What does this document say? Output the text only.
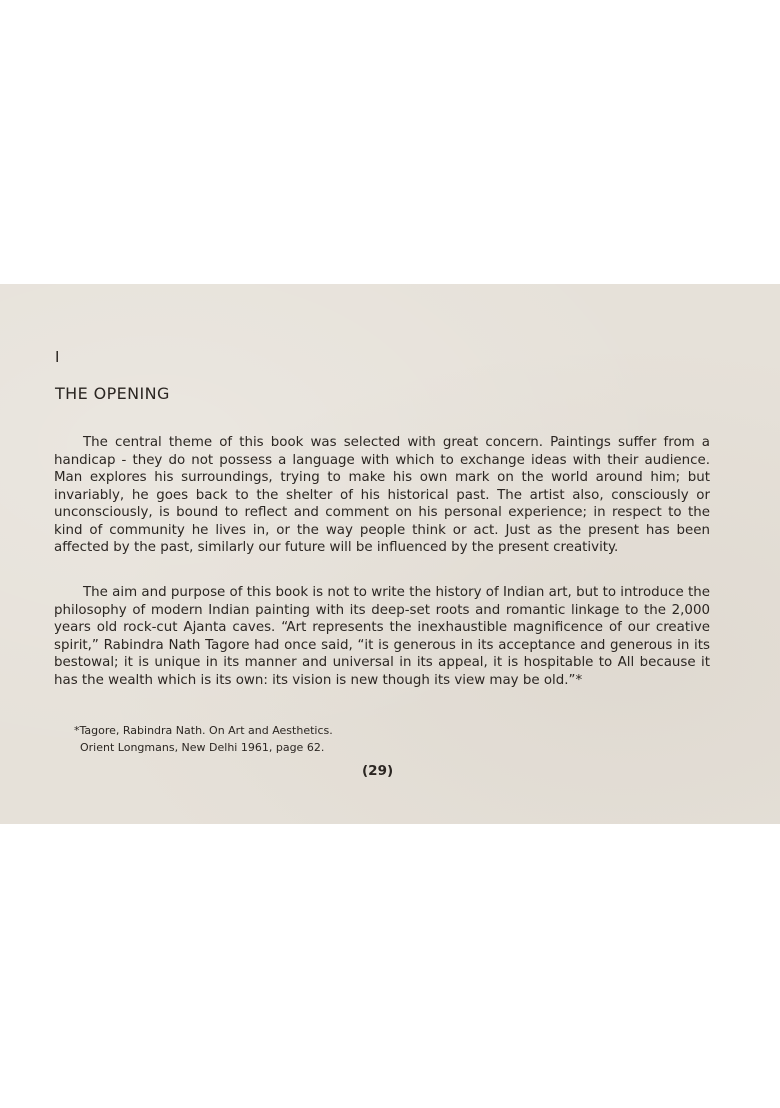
I

THE OPENING

The central theme of this book was selected with great concern. Paintings suffer from a handicap - they do not possess a language with which to exchange ideas with their audience. Man explores his surroundings, trying to make his own mark on the world around him; but invariably, he goes back to the shelter of his historical past. The artist also, consciously or unconsciously, is bound to reflect and comment on his personal experience; in respect to the kind of community he lives in, or the way people think or act. Just as the present has been affected by the past, similarly our future will be influenced by the present creativity.

The aim and purpose of this book is not to write the history of Indian art, but to introduce the philosophy of modern Indian painting with its deep-set roots and romantic linkage to the 2,000 years old rock-cut Ajanta caves. “Art represents the inexhaustible magnificence of our creative spirit,” Rabindra Nath Tagore had once said, “it is generous in its acceptance and generous in its bestowal; it is unique in its manner and universal in its appeal, it is hospitable to All because it has the wealth which is its own: its vision is new though its view may be old.”*

*Tagore, Rabindra Nath. On Art and Aesthetics.
Orient Longmans, New Delhi 1961, page 62.

(29)
